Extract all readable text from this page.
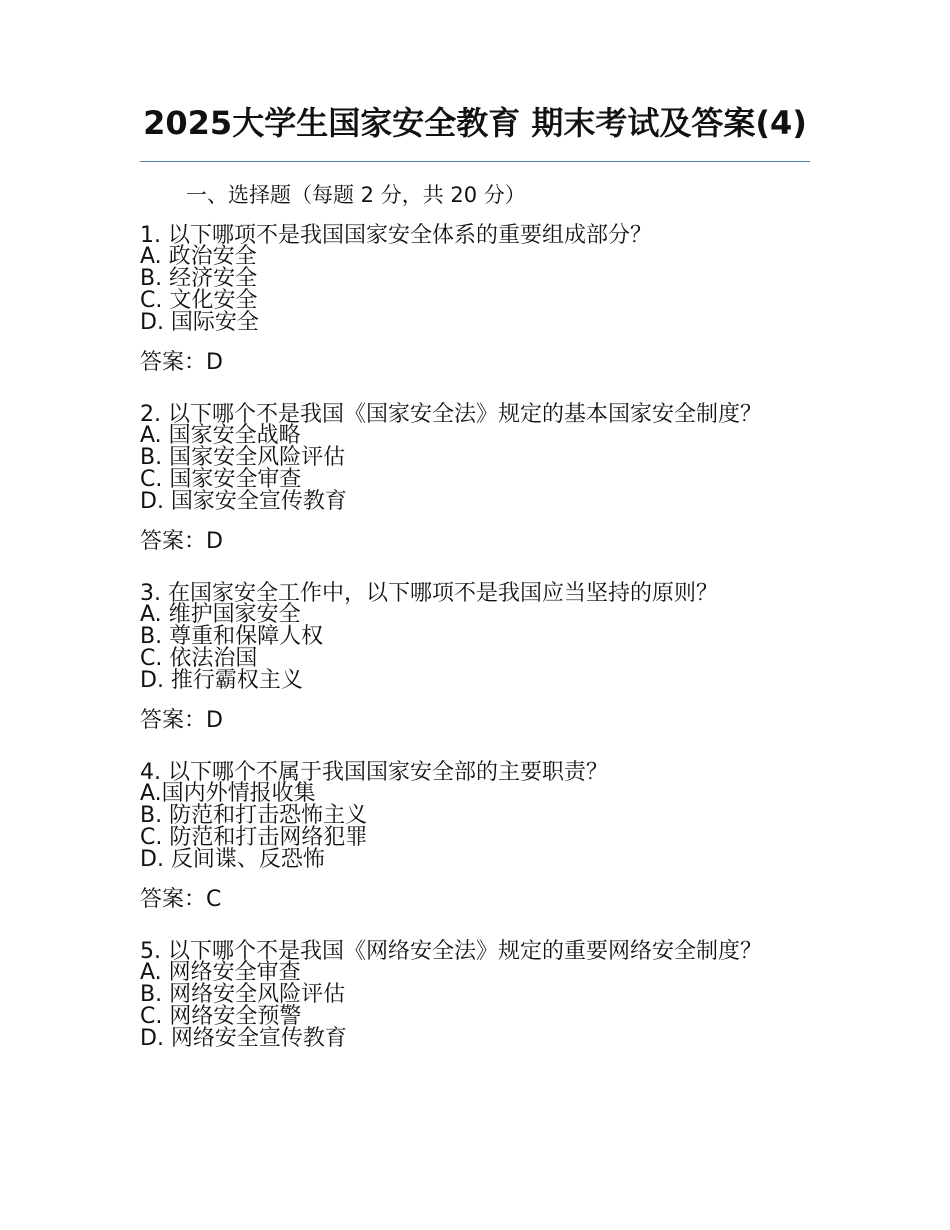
2025大学生国家安全教育 期末考试及答案(4)
一、选择题（每题 2 分，共 20 分）
1. 以下哪项不是我国国家安全体系的重要组成部分？
A. 政治安全
B. 经济安全
C. 文化安全
D. 国际安全
答案：D
2. 以下哪个不是我国《国家安全法》规定的基本国家安全制度？
A. 国家安全战略
B. 国家安全风险评估
C. 国家安全审查
D. 国家安全宣传教育
答案：D
3. 在国家安全工作中，以下哪项不是我国应当坚持的原则？
A. 维护国家安全
B. 尊重和保障人权
C. 依法治国
D. 推行霸权主义
答案：D
4. 以下哪个不属于我国国家安全部的主要职责？
A.国内外情报收集
B. 防范和打击恐怖主义
C. 防范和打击网络犯罪
D. 反间谍、反恐怖
答案：C
5. 以下哪个不是我国《网络安全法》规定的重要网络安全制度？
A. 网络安全审查
B. 网络安全风险评估
C. 网络安全预警
D. 网络安全宣传教育
